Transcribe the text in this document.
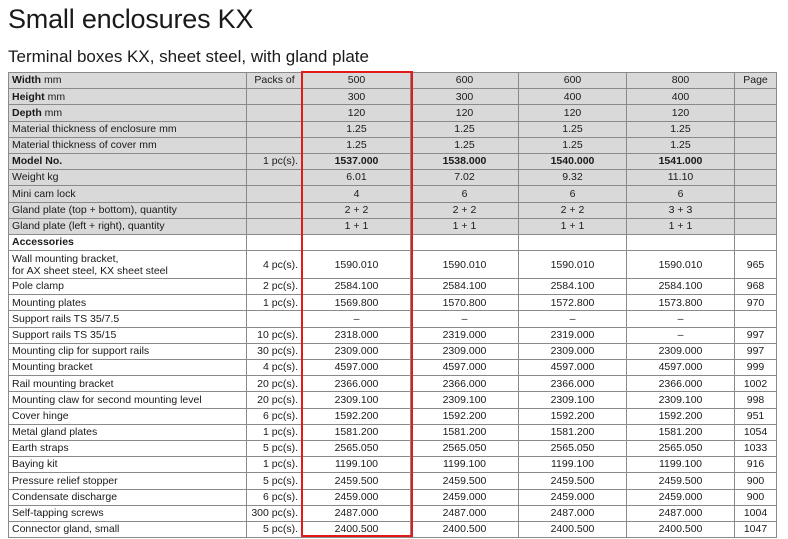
Small enclosures KX
Terminal boxes KX, sheet steel, with gland plate
Width mm	Packs of	500	600	600	800	Page
Height mm		300	300	400	400	
Depth mm		120	120	120	120	
Material thickness of enclosure mm		1.25	1.25	1.25	1.25	
Material thickness of cover mm		1.25	1.25	1.25	1.25	
Model No.	1 pc(s).	1537.000	1538.000	1540.000	1541.000	
Weight kg		6.01	7.02	9.32	11.10	
Mini cam lock		4	6	6	6	
Gland plate (top + bottom), quantity		2 + 2	2 + 2	2 + 2	3 + 3	
Gland plate (left + right), quantity		1 + 1	1 + 1	1 + 1	1 + 1	
Accessories						
Wall mounting bracket,
for AX sheet steel, KX sheet steel	4 pc(s).	1590.010	1590.010	1590.010	1590.010	965
Pole clamp	2 pc(s).	2584.100	2584.100	2584.100	2584.100	968
Mounting plates	1 pc(s).	1569.800	1570.800	1572.800	1573.800	970
Support rails TS 35/7.5		–	–	–	–	
Support rails TS 35/15	10 pc(s).	2318.000	2319.000	2319.000	–	997
Mounting clip for support rails	30 pc(s).	2309.000	2309.000	2309.000	2309.000	997
Mounting bracket	4 pc(s).	4597.000	4597.000	4597.000	4597.000	999
Rail mounting bracket	20 pc(s).	2366.000	2366.000	2366.000	2366.000	1002
Mounting claw for second mounting level	20 pc(s).	2309.100	2309.100	2309.100	2309.100	998
Cover hinge	6 pc(s).	1592.200	1592.200	1592.200	1592.200	951
Metal gland plates	1 pc(s).	1581.200	1581.200	1581.200	1581.200	1054
Earth straps	5 pc(s).	2565.050	2565.050	2565.050	2565.050	1033
Baying kit	1 pc(s).	1199.100	1199.100	1199.100	1199.100	916
Pressure relief stopper	5 pc(s).	2459.500	2459.500	2459.500	2459.500	900
Condensate discharge	6 pc(s).	2459.000	2459.000	2459.000	2459.000	900
Self-tapping screws	300 pc(s).	2487.000	2487.000	2487.000	2487.000	1004
Connector gland, small	5 pc(s).	2400.500	2400.500	2400.500	2400.500	1047
